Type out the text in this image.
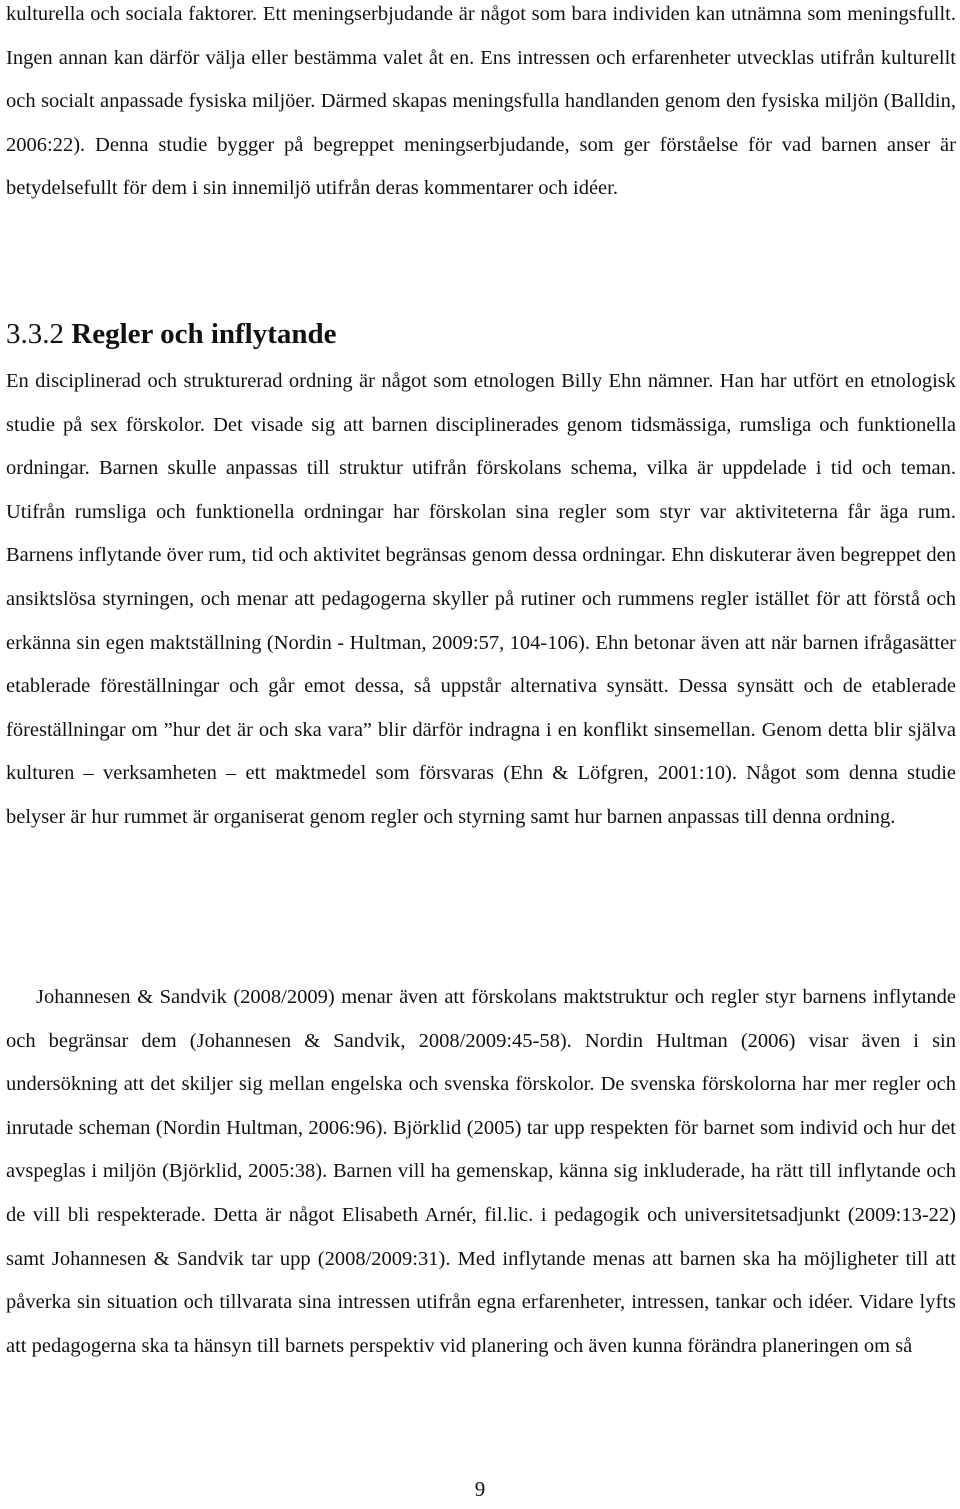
kulturella och sociala faktorer. Ett meningserbjudande är något som bara individen kan utnämna som meningsfullt. Ingen annan kan därför välja eller bestämma valet åt en. Ens intressen och erfarenheter utvecklas utifrån kulturellt och socialt anpassade fysiska miljöer. Därmed skapas meningsfulla handlanden genom den fysiska miljön (Balldin, 2006:22). Denna studie bygger på begreppet meningserbjudande, som ger förståelse för vad barnen anser är betydelsefullt för dem i sin innemiljö utifrån deras kommentarer och idéer.

3.3.2 Regler och inflytande

En disciplinerad och strukturerad ordning är något som etnologen Billy Ehn nämner. Han har utfört en etnologisk studie på sex förskolor. Det visade sig att barnen disciplinerades genom tidsmässiga, rumsliga och funktionella ordningar. Barnen skulle anpassas till struktur utifrån förskolans schema, vilka är uppdelade i tid och teman. Utifrån rumsliga och funktionella ordningar har förskolan sina regler som styr var aktiviteterna får äga rum. Barnens inflytande över rum, tid och aktivitet begränsas genom dessa ordningar. Ehn diskuterar även begreppet den ansiktslösa styrningen, och menar att pedagogerna skyller på rutiner och rummens regler istället för att förstå och erkänna sin egen maktställning (Nordin - Hultman, 2009:57, 104-106). Ehn betonar även att när barnen ifrågasätter etablerade föreställningar och går emot dessa, så uppstår alternativa synsätt. Dessa synsätt och de etablerade föreställningar om ”hur det är och ska vara” blir därför indragna i en konflikt sinsemellan. Genom detta blir själva kulturen – verksamheten – ett maktmedel som försvaras (Ehn & Löfgren, 2001:10). Något som denna studie belyser är hur rummet är organiserat genom regler och styrning samt hur barnen anpassas till denna ordning.

Johannesen & Sandvik (2008/2009) menar även att förskolans maktstruktur och regler styr barnens inflytande och begränsar dem (Johannesen & Sandvik, 2008/2009:45-58). Nordin Hultman (2006) visar även i sin undersökning att det skiljer sig mellan engelska och svenska förskolor. De svenska förskolorna har mer regler och inrutade scheman (Nordin Hultman, 2006:96). Björklid (2005) tar upp respekten för barnet som individ och hur det avspeglas i miljön (Björklid, 2005:38). Barnen vill ha gemenskap, känna sig inkluderade, ha rätt till inflytande och de vill bli respekterade. Detta är något Elisabeth Arnér, fil.lic. i pedagogik och universitetsadjunkt (2009:13-22) samt Johannesen & Sandvik tar upp (2008/2009:31). Med inflytande menas att barnen ska ha möjligheter till att påverka sin situation och tillvarata sina intressen utifrån egna erfarenheter, intressen, tankar och idéer. Vidare lyfts att pedagogerna ska ta hänsyn till barnets perspektiv vid planering och även kunna förändra planeringen om så

9
